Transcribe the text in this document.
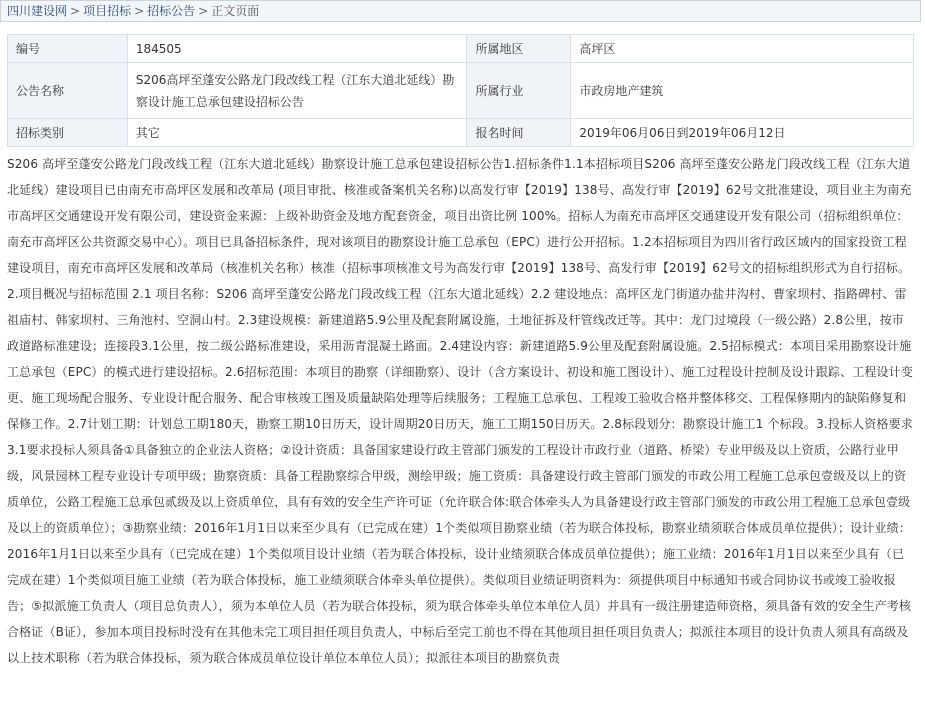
四川建设网 > 项目招标 > 招标公告 > 正文页面
编号	184505	所属地区	高坪区
公告名称	S206高坪至蓬安公路龙门段改线工程（江东大道北延线）勘察设计施工总承包建设招标公告	所属行业	市政房地产建筑
招标类别	其它	报名时间	2019年06月06日到2019年06月12日
S206 高坪至蓬安公路龙门段改线工程（江东大道北延线）勘察设计施工总承包建设招标公告1.招标条件1.1本招标项目S206 高坪至蓬安公路龙门段改线工程（江东大道北延线）建设项目已由南充市高坪区发展和改革局 (项目审批、核准或备案机关名称)以高发行审【2019】138号、高发行审【2019】62号文批准建设，项目业主为南充市高坪区交通建设开发有限公司，建设资金来源：上级补助资金及地方配套资金，项目出资比例 100%。招标人为南充市高坪区交通建设开发有限公司（招标组织单位： 南充市高坪区公共资源交易中心）。项目已具备招标条件，现对该项目的勘察设计施工总承包（EPC）进行公开招标。1.2本招标项目为四川省行政区域内的国家投资工程建设项目，南充市高坪区发展和改革局（核准机关名称）核准（招标事项核准文号为高发行审【2019】138号、高发行审【2019】62号文的招标组织形式为自行招标。2.项目概况与招标范围 2.1 项目名称：S206 高坪至蓬安公路龙门段改线工程（江东大道北延线）2.2 建设地点：高坪区龙门街道办盐井沟村、曹家坝村、指路碑村、雷祖庙村、韩家坝村、三角池村、空洞山村。2.3建设规模：新建道路5.9公里及配套附属设施，土地征拆及杆管线改迁等。其中：龙门过境段（一级公路）2.8公里，按市政道路标准建设；连接段3.1公里，按二级公路标准建设，采用沥青混凝土路面。2.4建设内容：新建道路5.9公里及配套附属设施。2.5招标模式：本项目采用勘察设计施工总承包（EPC）的模式进行建设招标。2.6招标范围：本项目的勘察（详细勘察）、设计（含方案设计、初设和施工图设计）、施工过程设计控制及设计跟踪、工程设计变更、施工现场配合服务、专业设计配合服务、配合审核竣工图及质量缺陷处理等后续服务；工程施工总承包、工程竣工验收合格并整体移交、工程保修期内的缺陷修复和保修工作。2.7计划工期：计划总工期180天，勘察工期10日历天，设计周期20日历天，施工工期150日历天。2.8标段划分：勘察设计施工1 个标段。3.投标人资格要求 3.1要求投标人须具备①具备独立的企业法人资格；②设计资质：具备国家建设行政主管部门颁发的工程设计市政行业（道路、桥梁）专业甲级及以上资质，公路行业甲级，风景园林工程专业设计专项甲级；勘察资质：具备工程勘察综合甲级，测绘甲级；施工资质：具备建设行政主管部门颁发的市政公用工程施工总承包壹级及以上的资质单位，公路工程施工总承包贰级及以上资质单位，具有有效的安全生产许可证（允许联合体:联合体牵头人为具备建设行政主管部门颁发的市政公用工程施工总承包壹级及以上的资质单位）；③勘察业绩：2016年1月1日以来至少具有（已完成在建）1个类似项目勘察业绩（若为联合体投标，勘察业绩须联合体成员单位提供）；设计业绩：2016年1月1日以来至少具有（已完成在建）1个类似项目设计业绩（若为联合体投标，设计业绩须联合体成员单位提供）；施工业绩：2016年1月1日以来至少具有（已完成在建）1个类似项目施工业绩（若为联合体投标，施工业绩须联合体牵头单位提供）。类似项目业绩证明资料为：须提供项目中标通知书或合同协议书或竣工验收报告；⑤拟派施工负责人（项目总负责人），须为本单位人员（若为联合体投标，须为联合体牵头单位本单位人员）并具有一级注册建造师资格，须具备有效的安全生产考核合格证（B证），参加本项目投标时没有在其他未完工项目担任项目负责人，中标后至完工前也不得在其他项目担任项目负责人；拟派往本项目的设计负责人须具有高级及以上技术职称（若为联合体投标，须为联合体成员单位设计单位本单位人员）；拟派往本项目的勘察负责
